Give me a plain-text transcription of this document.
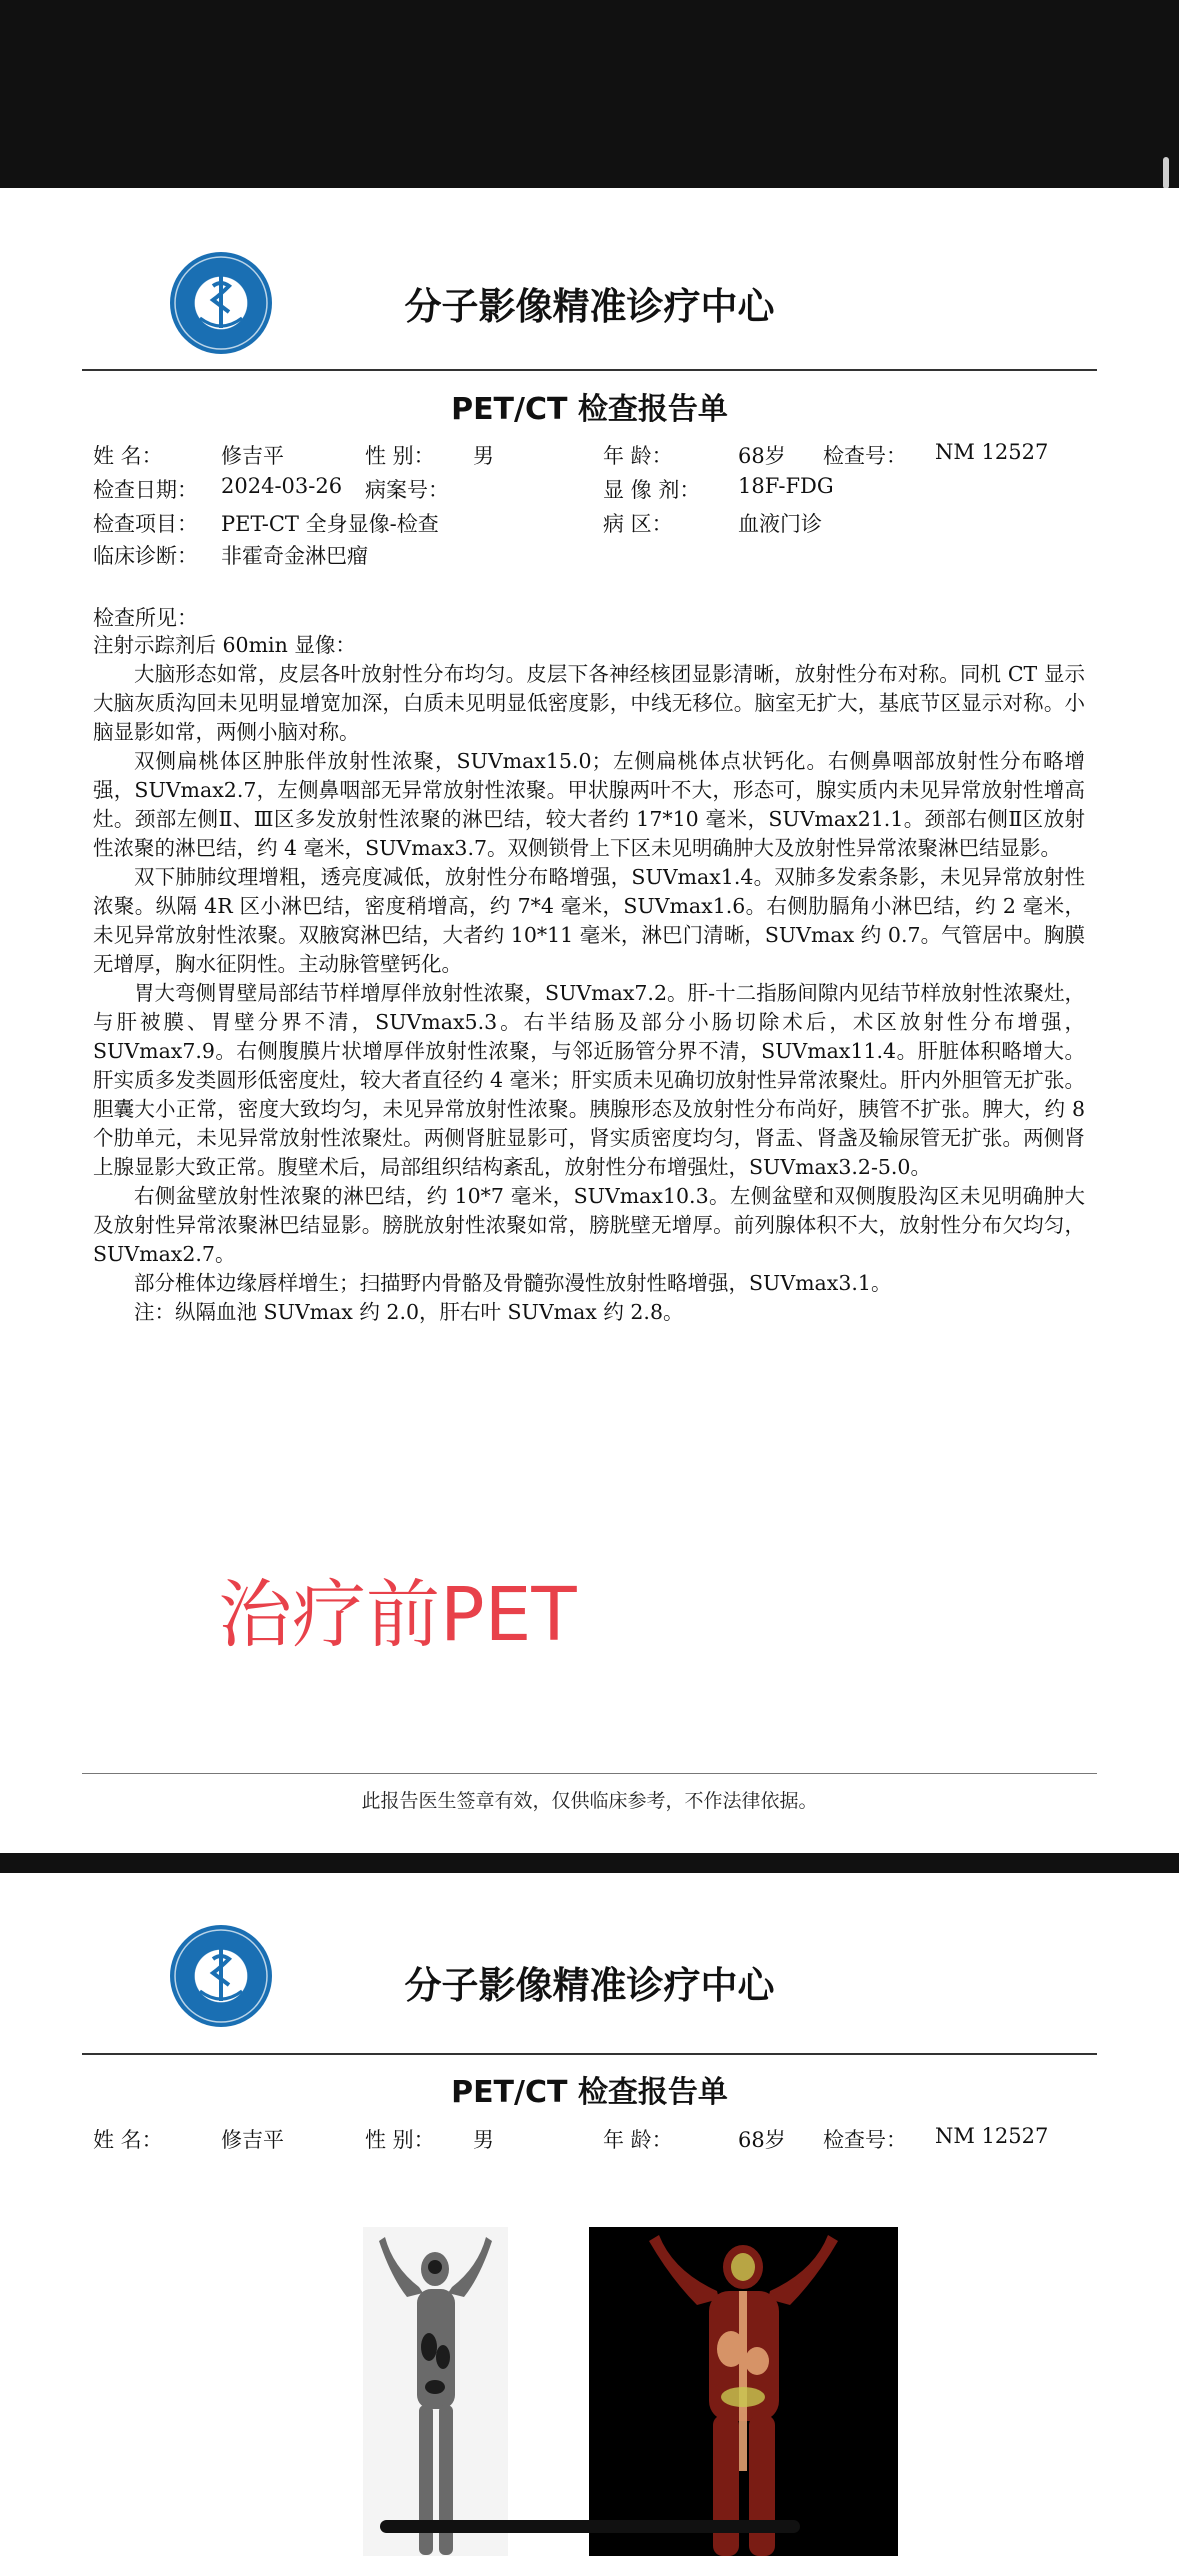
分子影像精准诊疗中心
PET/CT 检查报告单
姓 名：	修吉平	性 别： 男	年 龄：	68岁 检查号： NM 12527
检查日期： 2024-03-26 病案号：	显 像 剂： 18F-FDG
检查项目： PET-CT 全身显像-检查	病 区：	血液门诊
临床诊断： 非霍奇金淋巴瘤
检查所见：

注射示踪剂后 60min 显像：

大脑形态如常，皮层各叶放射性分布均匀。皮层下各神经核团显影清晰，放射性分布对称。同机 CT 显示大脑灰质沟回未见明显增宽加深，白质未见明显低密度影，中线无移位。脑室无扩大，基底节区显示对称。小脑显影如常，两侧小脑对称。

双侧扁桃体区肿胀伴放射性浓聚，SUVmax15.0；左侧扁桃体点状钙化。右侧鼻咽部放射性分布略增强，SUVmax2.7，左侧鼻咽部无异常放射性浓聚。甲状腺两叶不大，形态可，腺实质内未见异常放射性增高灶。颈部左侧Ⅱ、Ⅲ区多发放射性浓聚的淋巴结，较大者约 17*10 毫米，SUVmax21.1。颈部右侧Ⅱ区放射性浓聚的淋巴结，约 4 毫米，SUVmax3.7。双侧锁骨上下区未见明确肿大及放射性异常浓聚淋巴结显影。

双下肺肺纹理增粗，透亮度减低，放射性分布略增强，SUVmax1.4。双肺多发索条影，未见异常放射性浓聚。纵隔 4R 区小淋巴结，密度稍增高，约 7*4 毫米，SUVmax1.6。右侧肋膈角小淋巴结，约 2 毫米，未见异常放射性浓聚。双腋窝淋巴结，大者约 10*11 毫米，淋巴门清晰，SUVmax 约 0.7。气管居中。胸膜无增厚，胸水征阴性。主动脉管壁钙化。

胃大弯侧胃壁局部结节样增厚伴放射性浓聚，SUVmax7.2。肝-十二指肠间隙内见结节样放射性浓聚灶，与肝被膜、胃壁分界不清，SUVmax5.3。右半结肠及部分小肠切除术后，术区放射性分布增强，SUVmax7.9。右侧腹膜片状增厚伴放射性浓聚，与邻近肠管分界不清，SUVmax11.4。肝脏体积略增大。肝实质多发类圆形低密度灶，较大者直径约 4 毫米；肝实质未见确切放射性异常浓聚灶。肝内外胆管无扩张。胆囊大小正常，密度大致均匀，未见异常放射性浓聚。胰腺形态及放射性分布尚好，胰管不扩张。脾大，约 8 个肋单元，未见异常放射性浓聚灶。两侧肾脏显影可，肾实质密度均匀，肾盂、肾盏及输尿管无扩张。两侧肾上腺显影大致正常。腹壁术后，局部组织结构紊乱，放射性分布增强灶，SUVmax3.2-5.0。

右侧盆壁放射性浓聚的淋巴结，约 10*7 毫米，SUVmax10.3。左侧盆壁和双侧腹股沟区未见明确肿大及放射性异常浓聚淋巴结显影。膀胱放射性浓聚如常，膀胱壁无增厚。前列腺体积不大，放射性分布欠均匀，SUVmax2.7。

部分椎体边缘唇样增生；扫描野内骨骼及骨髓弥漫性放射性略增强，SUVmax3.1。

注：纵隔血池 SUVmax 约 2.0，肝右叶 SUVmax 约 2.8。

治疗前PET
此报告医生签章有效，仅供临床参考，不作法律依据。
分子影像精准诊疗中心
PET/CT 检查报告单
姓 名：	修吉平	性 别： 男	年 龄：	68岁 检查号： NM 12527
